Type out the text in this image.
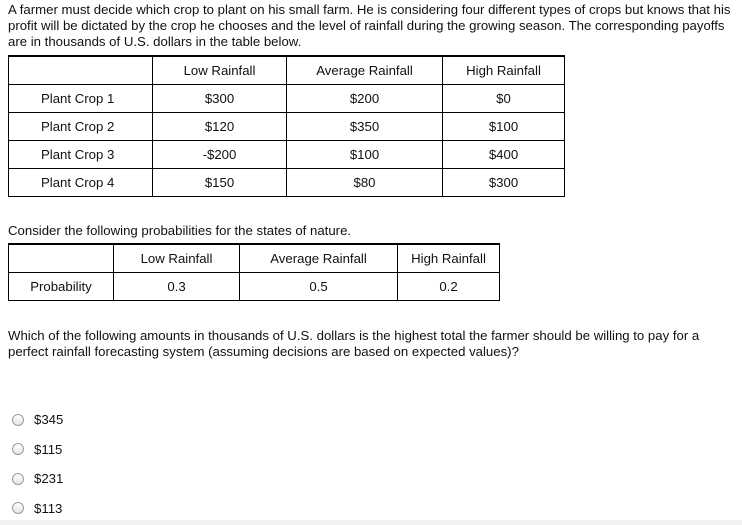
A farmer must decide which crop to plant on his small farm. He is considering four different types of crops but knows that his profit will be dictated by the crop he chooses and the level of rainfall during the growing season. The corresponding payoffs are in thousands of U.S. dollars in the table below.

	Low Rainfall	Average Rainfall	High Rainfall
Plant Crop 1	$300	$200	$0
Plant Crop 2	$120	$350	$100
Plant Crop 3	-$200	$100	$400
Plant Crop 4	$150	$80	$300

Consider the following probabilities for the states of nature.

	Low Rainfall	Average Rainfall	High Rainfall
Probability	0.3	0.5	0.2

Which of the following amounts in thousands of U.S. dollars is the highest total the farmer should be willing to pay for a perfect rainfall forecasting system (assuming decisions are based on expected values)?

$345
$115
$231
$113
